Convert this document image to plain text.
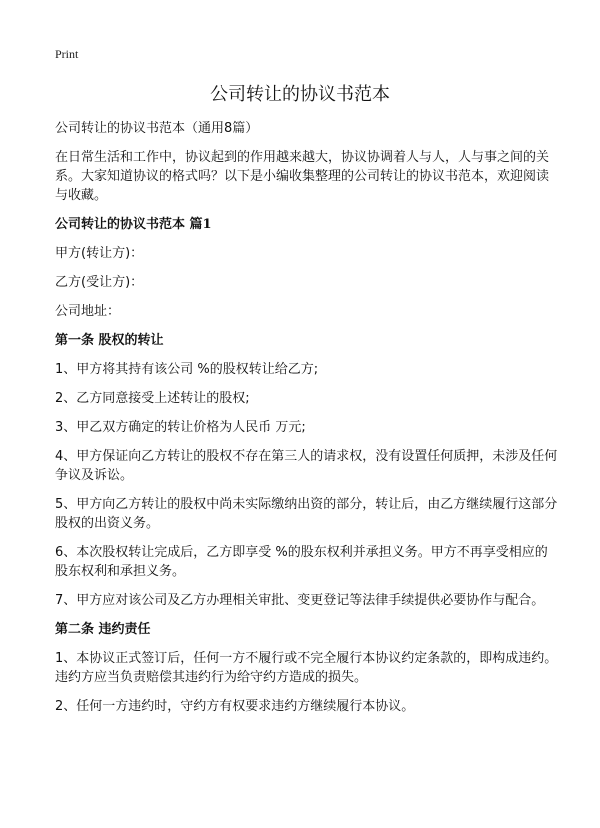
Print
公司转让的协议书范本

公司转让的协议书范本（通用8篇）

在日常生活和工作中，协议起到的作用越来越大，协议协调着人与人，人与事之间的关系。大家知道协议的格式吗？以下是小编收集整理的公司转让的协议书范本，欢迎阅读与收藏。

公司转让的协议书范本 篇1

甲方(转让方)：

乙方(受让方)：

公司地址：

第一条 股权的转让

1、甲方将其持有该公司 %的股权转让给乙方;

2、乙方同意接受上述转让的股权;

3、甲乙双方确定的转让价格为人民币 万元;

4、甲方保证向乙方转让的股权不存在第三人的请求权，没有设置任何质押，未涉及任何争议及诉讼。

5、甲方向乙方转让的股权中尚未实际缴纳出资的部分，转让后，由乙方继续履行这部分股权的出资义务。

6、本次股权转让完成后，乙方即享受 %的股东权利并承担义务。甲方不再享受相应的股东权利和承担义务。

7、甲方应对该公司及乙方办理相关审批、变更登记等法律手续提供必要协作与配合。

第二条 违约责任

1、本协议正式签订后，任何一方不履行或不完全履行本协议约定条款的，即构成违约。违约方应当负责赔偿其违约行为给守约方造成的损失。

2、任何一方违约时，守约方有权要求违约方继续履行本协议。
